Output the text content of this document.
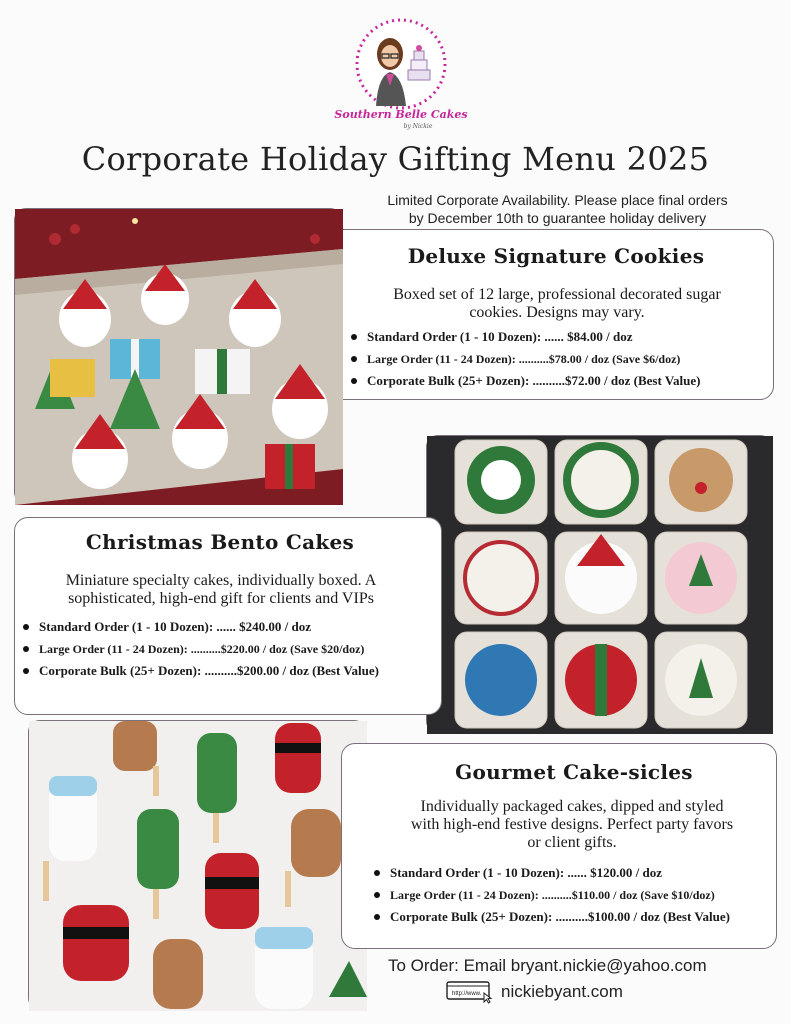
Southern Belle Cakes
by Nickie
Corporate Holiday Gifting Menu 2025
Limited Corporate Availability. Please place final orders
by December 10th to guarantee holiday delivery
Deluxe Signature Cookies
Boxed set of 12 large, professional decorated sugar
cookies. Designs may vary.
Standard Order (1 - 10 Dozen): ...... $84.00 / doz
Large Order (11 - 24 Dozen): ..........$78.00 / doz (Save $6/doz)
Corporate Bulk (25+ Dozen): ..........$72.00 / doz (Best Value)
Christmas Bento Cakes
Miniature specialty cakes, individually boxed. A
sophisticated, high-end gift for clients and VIPs
Standard Order (1 - 10 Dozen): ...... $240.00 / doz
Large Order (11 - 24 Dozen): ..........$220.00 / doz (Save $20/doz)
Corporate Bulk (25+ Dozen): ..........$200.00 / doz (Best Value)
Gourmet Cake-sicles
Individually packaged cakes, dipped and styled
with high-end festive designs. Perfect party favors
or client gifts.
Standard Order (1 - 10 Dozen): ...... $120.00 / doz
Large Order (11 - 24 Dozen): ..........$110.00 / doz (Save $10/doz)
Corporate Bulk (25+ Dozen): ..........$100.00 / doz (Best Value)
To Order: Email bryant.nickie@yahoo.com
http://www. nickiebyant.com
